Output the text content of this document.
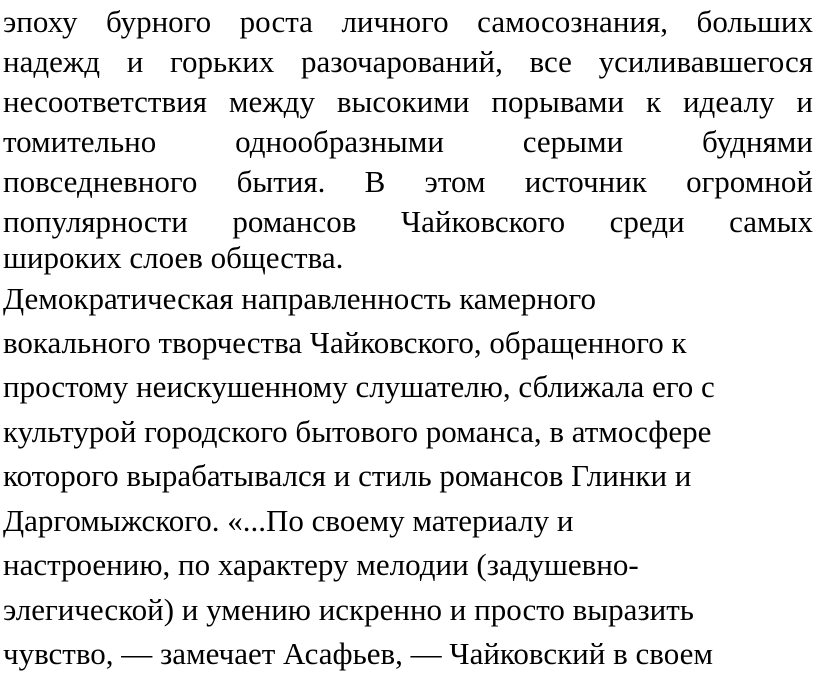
эпоху бурного роста личного самосознания, больших
надежд и горьких разочарований, все усиливавшегося
несоответствия между высокими порывами к идеалу и
томительно однообразными серыми буднями
повседневного бытия. В этом источник огромной
популярности романсов Чайковского среди самых
широких слоев общества.
Демократическая направленность камерного
вокального творчества Чайковского, обращенного к
простому неискушенному слушателю, сближала его с
культурой городского бытового романса, в атмосфере
которого вырабатывался и стиль романсов Глинки и
Даргомыжского. «...По своему материалу и
настроению, по характеру мелодии (задушевно-
элегической) и умению искренно и просто выразить
чувство, — замечает Асафьев, — Чайковский в своем
